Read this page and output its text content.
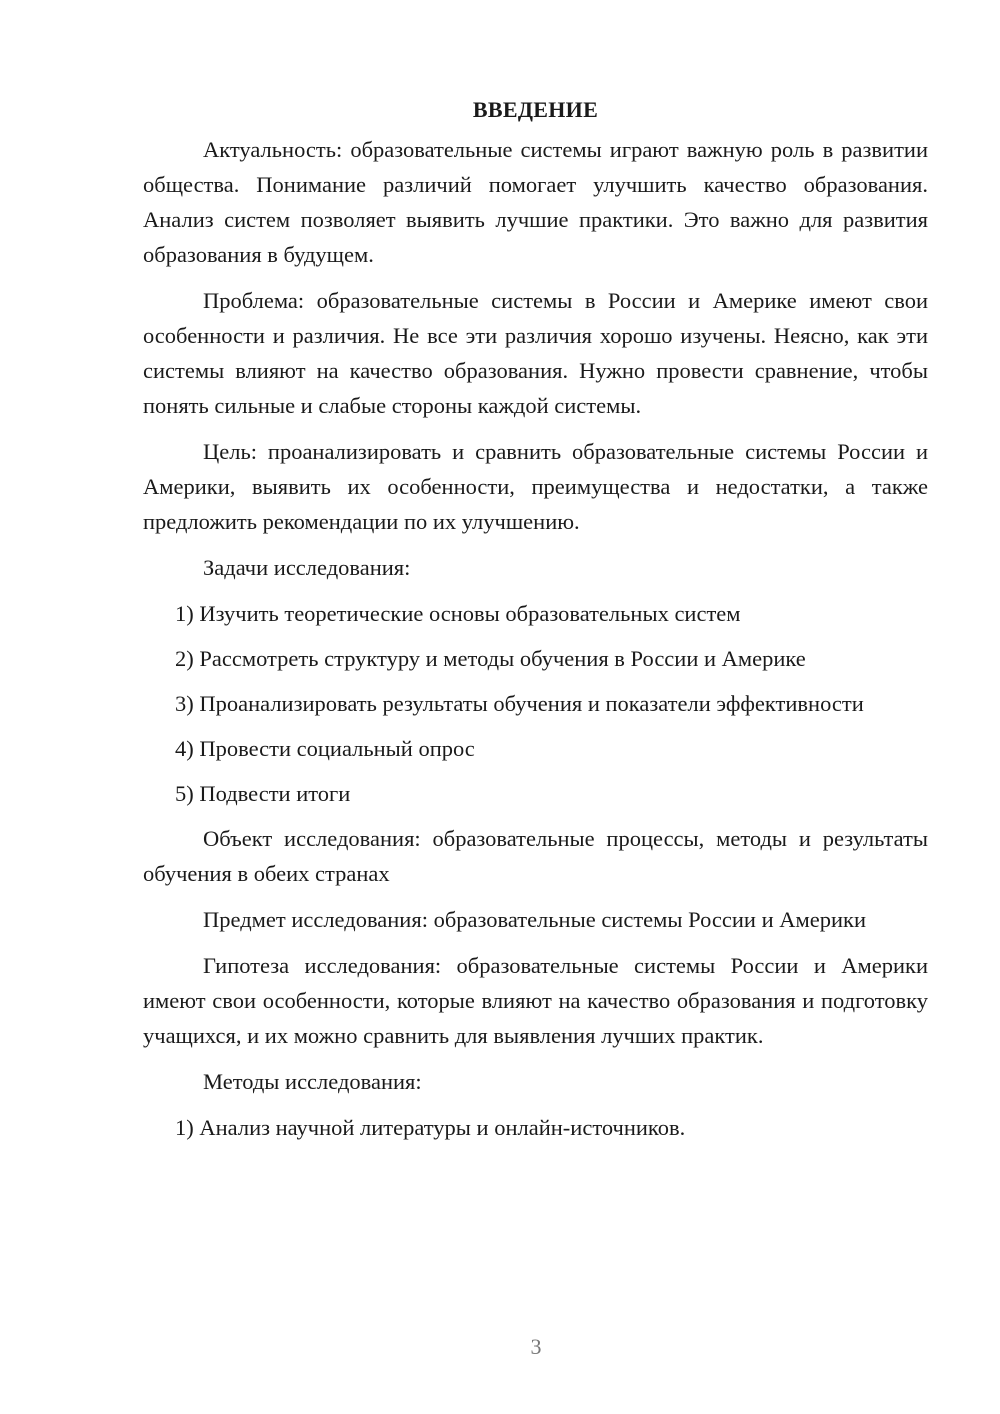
ВВЕДЕНИЕ

Актуальность: образовательные системы играют важную роль в развитии общества. Понимание различий помогает улучшить качество образования. Анализ систем позволяет выявить лучшие практики. Это важно для развития образования в будущем.

Проблема: образовательные системы в России и Америке имеют свои особенности и различия. Не все эти различия хорошо изучены. Неясно, как эти системы влияют на качество образования. Нужно провести сравнение, чтобы понять сильные и слабые стороны каждой системы.

Цель: проанализировать и сравнить образовательные системы России и Америки, выявить их особенности, преимущества и недостатки, а также предложить рекомендации по их улучшению.

Задачи исследования:

1) Изучить теоретические основы образовательных систем

2) Рассмотреть структуру и методы обучения в России и Америке

3) Проанализировать результаты обучения и показатели эффективности

4) Провести социальный опрос

5) Подвести итоги

Объект исследования: образовательные процессы, методы и результаты обучения в обеих странах

Предмет исследования: образовательные системы России и Америки

Гипотеза исследования: образовательные системы России и Америки имеют свои особенности, которые влияют на качество образования и подготовку учащихся, и их можно сравнить для выявления лучших практик.

Методы исследования:

1) Анализ научной литературы и онлайн-источников.

3
